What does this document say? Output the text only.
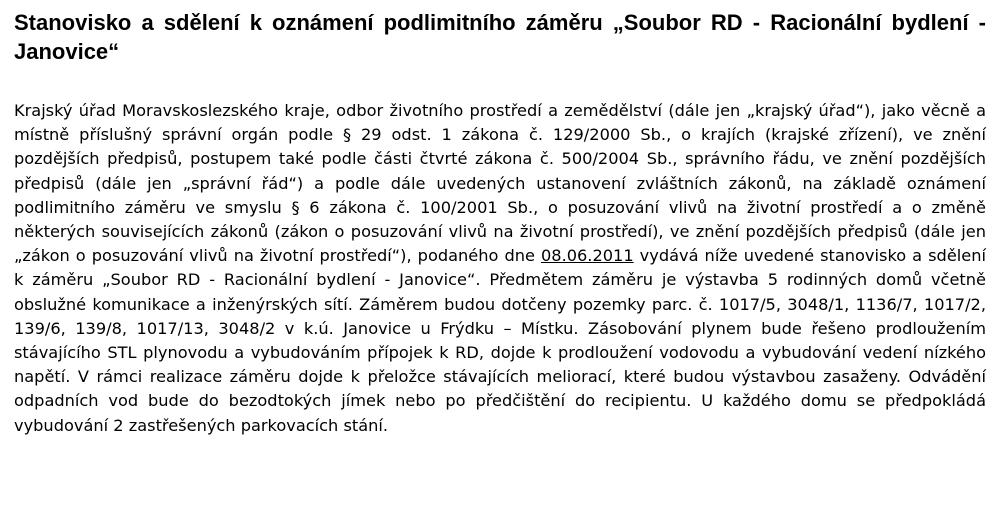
Stanovisko a sdělení k oznámení podlimitního záměru „Soubor RD - Racionální bydlení - Janovice“

Krajský úřad Moravskoslezského kraje, odbor životního prostředí a zemědělství (dále jen „krajský úřad“), jako věcně a místně příslušný správní orgán podle § 29 odst. 1 zákona č. 129/2000 Sb., o krajích (krajské zřízení), ve znění pozdějších předpisů, postupem také podle části čtvrté zákona č. 500/2004 Sb., správního řádu, ve znění pozdějších předpisů (dále jen „správní řád“) a podle dále uvedených ustanovení zvláštních zákonů, na základě oznámení podlimitního záměru ve smyslu § 6 zákona č. 100/2001 Sb., o posuzování vlivů na životní prostředí a o změně některých souvisejících zákonů (zákon o posuzování vlivů na životní prostředí), ve znění pozdějších předpisů (dále jen „zákon o posuzování vlivů na životní prostředí“), podaného dne 08.06.2011 vydává níže uvedené stanovisko a sdělení k záměru „Soubor RD - Racionální bydlení - Janovice“. Předmětem záměru je výstavba 5 rodinných domů včetně obslužné komunikace a inženýrských sítí. Záměrem budou dotčeny pozemky parc. č. 1017/5, 3048/1, 1136/7, 1017/2, 139/6, 139/8, 1017/13, 3048/2 v k.ú. Janovice u Frýdku – Místku. Zásobování plynem bude řešeno prodloužením stávajícího STL plynovodu a vybudováním přípojek k RD, dojde k prodloužení vodovodu a vybudování vedení nízkého napětí. V rámci realizace záměru dojde k přeložce stávajících meliorací, které budou výstavbou zasaženy. Odvádění odpadních vod bude do bezodtokých jímek nebo po předčištění do recipientu. U každého domu se předpokládá vybudování 2 zastřešených parkovacích stání.
